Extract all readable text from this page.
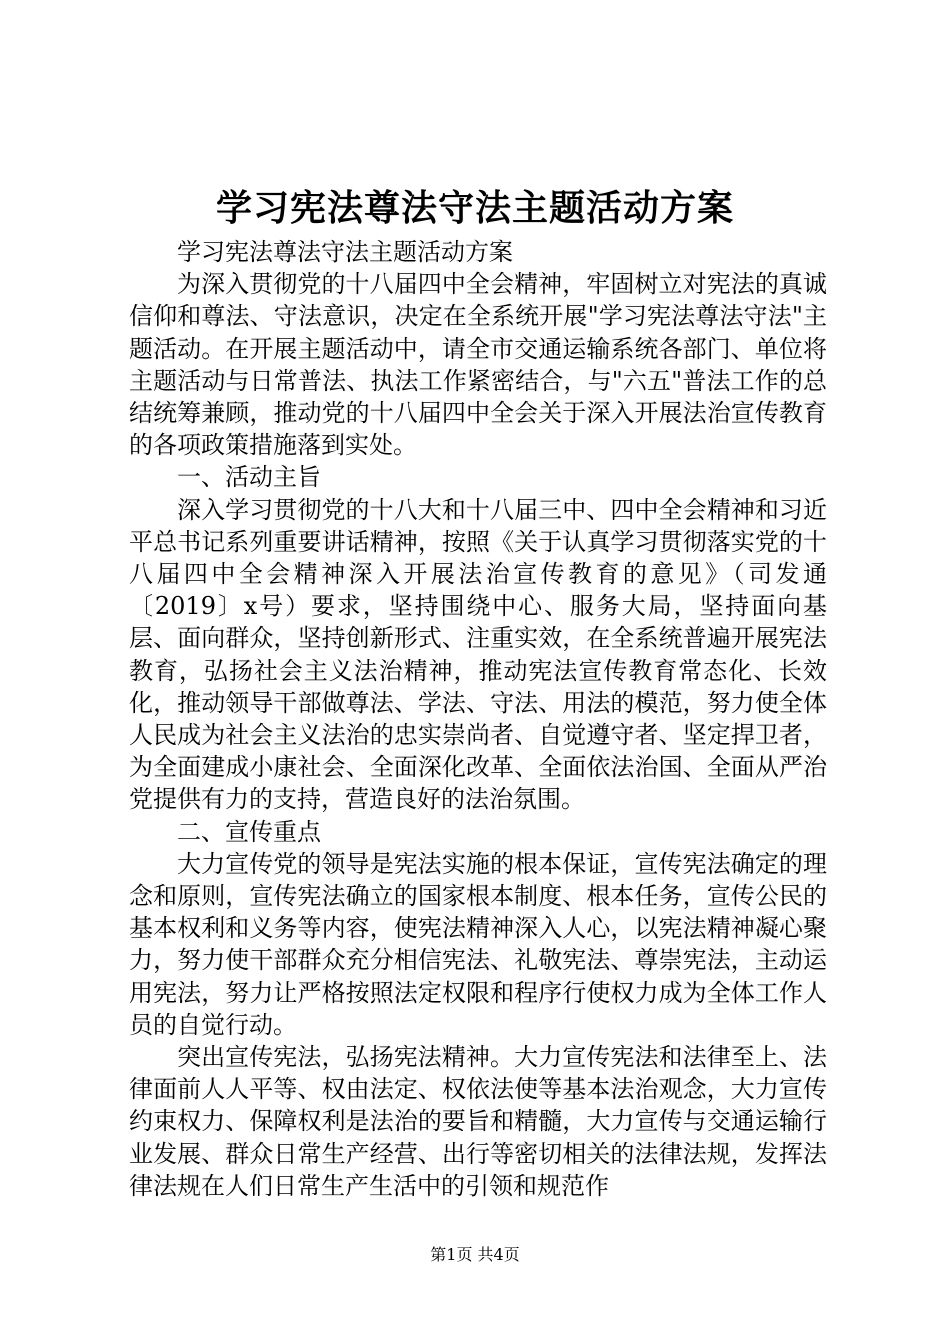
学习宪法尊法守法主题活动方案

学习宪法尊法守法主题活动方案

为深入贯彻党的十八届四中全会精神，牢固树立对宪法的真诚信仰和尊法、守法意识，决定在全系统开展"学习宪法尊法守法"主题活动。在开展主题活动中，请全市交通运输系统各部门、单位将主题活动与日常普法、执法工作紧密结合，与"六五"普法工作的总结统筹兼顾，推动党的十八届四中全会关于深入开展法治宣传教育的各项政策措施落到实处。

一、活动主旨

深入学习贯彻党的十八大和十八届三中、四中全会精神和习近平总书记系列重要讲话精神，按照《关于认真学习贯彻落实党的十八届四中全会精神深入开展法治宣传教育的意见》（司发通〔2019〕x号）要求，坚持围绕中心、服务大局，坚持面向基层、面向群众，坚持创新形式、注重实效，在全系统普遍开展宪法教育，弘扬社会主义法治精神，推动宪法宣传教育常态化、长效化，推动领导干部做尊法、学法、守法、用法的模范，努力使全体人民成为社会主义法治的忠实崇尚者、自觉遵守者、坚定捍卫者，为全面建成小康社会、全面深化改革、全面依法治国、全面从严治党提供有力的支持，营造良好的法治氛围。

二、宣传重点

大力宣传党的领导是宪法实施的根本保证，宣传宪法确定的理念和原则，宣传宪法确立的国家根本制度、根本任务，宣传公民的基本权利和义务等内容，使宪法精神深入人心，以宪法精神凝心聚力，努力使干部群众充分相信宪法、礼敬宪法、尊崇宪法，主动运用宪法，努力让严格按照法定权限和程序行使权力成为全体工作人员的自觉行动。

突出宣传宪法，弘扬宪法精神。大力宣传宪法和法律至上、法律面前人人平等、权由法定、权依法使等基本法治观念，大力宣传约束权力、保障权利是法治的要旨和精髓，大力宣传与交通运输行业发展、群众日常生产经营、出行等密切相关的法律法规，发挥法律法规在人们日常生产生活中的引领和规范作

第1页 共4页
